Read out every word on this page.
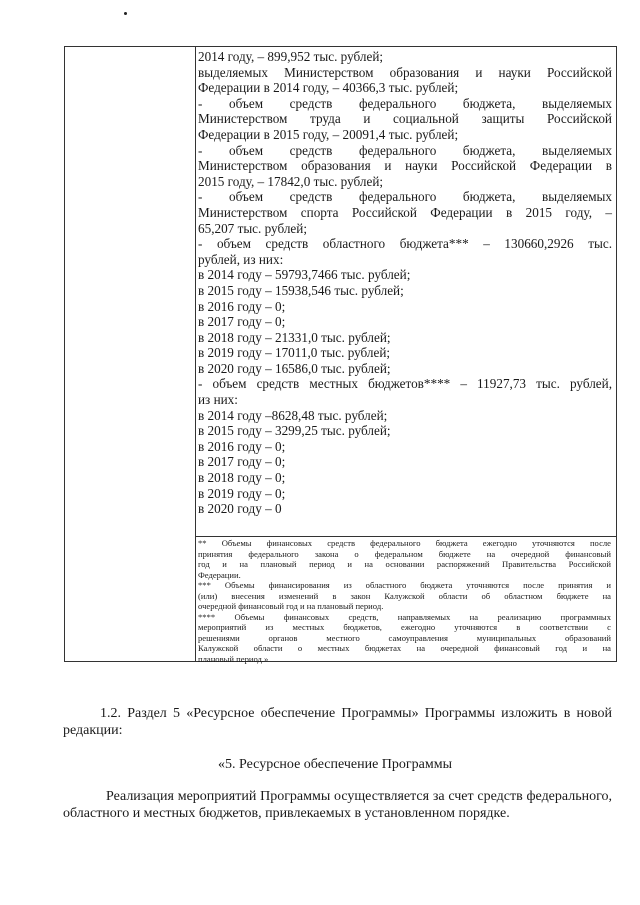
2014 году, – 899,952 тыс. рублей;
выделяемых Министерством образования и науки Российской
Федерации в 2014 году, – 40366,3 тыс. рублей;
- объем средств федерального бюджета, выделяемых
Министерством труда и социальной защиты Российской
Федерации в 2015 году, – 20091,4 тыс. рублей;
- объем средств федерального бюджета, выделяемых
Министерством образования и науки Российской Федерации в
2015 году, – 17842,0 тыс. рублей;
- объем средств федерального бюджета, выделяемых
Министерством спорта Российской Федерации в 2015 году, –
65,207 тыс. рублей;
- объем средств областного бюджета*** – 130660,2926 тыс.
рублей, из них:
в 2014 году – 59793,7466 тыс. рублей;
в 2015 году – 15938,546 тыс. рублей;
в 2016 году – 0;
в 2017 году – 0;
в 2018 году – 21331,0 тыс. рублей;
в 2019 году – 17011,0 тыс. рублей;
в 2020 году – 16586,0 тыс. рублей;
- объем средств местных бюджетов**** – 11927,73 тыс. рублей,
из них:
в 2014 году –8628,48 тыс. рублей;
в 2015 году – 3299,25 тыс. рублей;
в 2016 году – 0;
в 2017 году – 0;
в 2018 году – 0;
в 2019 году – 0;
в 2020 году – 0
** Объемы финансовых средств федерального бюджета ежегодно уточняются после
принятия федерального закона о федеральном бюджете на очередной финансовый
год и на плановый период и на основании распоряжений Правительства Российской
Федерации.
*** Объемы финансирования из областного бюджета уточняются после принятия и
(или) внесения изменений в закон Калужской области об областном бюджете на
очередной финансовый год и на плановый период.
**** Объемы финансовых средств, направляемых на реализацию программных
мероприятий из местных бюджетов, ежегодно уточняются в соответствии с
решениями органов местного самоуправления муниципальных образований
Калужской области о местных бюджетах на очередной финансовый год и на
плановый период.»
1.2. Раздел 5 «Ресурсное обеспечение Программы» Программы изложить в новой
редакции:
«5. Ресурсное обеспечение Программы
Реализация мероприятий Программы осуществляется за счет средств федерального,
областного и местных бюджетов, привлекаемых в установленном порядке.
